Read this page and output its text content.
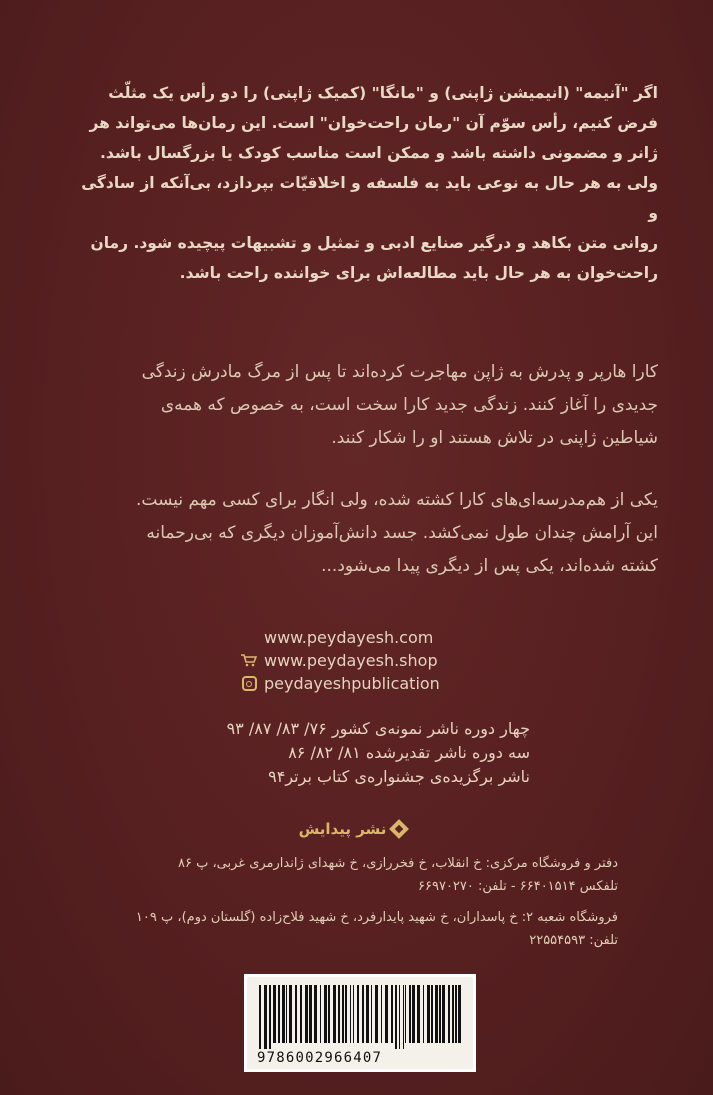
اگر "آنیمه" (انیمیشن ژاپنی) و "مانگا" (کمیک ژاپنی) را دو رأس یک مثلّث
فرض کنیم، رأس سوّم آن "رمان راحت‌خوان" است. این رمان‌ها می‌تواند هر
ژانر و مضمونی داشته باشد و ممکن است مناسب کودک یا بزرگسال باشد.
ولی به هر حال به نوعی باید به فلسفه و اخلاقیّات بپردازد، بی‌آنکه از سادگی و
روانی متن بکاهد و درگیر صنایع ادبی و تمثیل و تشبیهات پیچیده شود. رمان
راحت‌خوان به هر حال باید مطالعه‌اش برای خواننده راحت باشد.
کارا هارپر و پدرش به ژاپن مهاجرت کرده‌اند تا پس از مرگ مادرش زندگی
جدیدی را آغاز کنند. زندگی جدید کارا سخت است، به خصوص که همه‌ی
شیاطین ژاپنی در تلاش هستند او را شکار کنند.
یکی از هم‌مدرسه‌ای‌های کارا کشته شده، ولی انگار برای کسی مهم نیست.
این آرامش چندان طول نمی‌کشد. جسد دانش‌آموزان دیگری که بی‌رحمانه
کشته شده‌اند، یکی پس از دیگری پیدا می‌شود...
www.peydayesh.com
www.peydayesh.shop
peydayeshpublication
چهار دوره ناشر نمونه‌ی کشور ۷۶/ ۸۳/ ۸۷/ ۹۳
سه دوره ناشر تقدیرشده ۸۱/ ۸۲/ ۸۶
ناشر برگزیده‌ی جشنواره‌ی کتاب برتر۹۴
نشر پیدایش
دفتر و فروشگاه مرکزی: خ انقلاب، خ فخررازی، خ شهدای ژاندارمری غربی، پ ۸۶
تلفکس ۶۶۴۰۱۵۱۴ - تلفن: ۶۶۹۷۰۲۷۰
فروشگاه شعبه ۲: خ پاسداران، خ شهید پایدارفرد، خ شهید فلاح‌زاده (گلستان دوم)، پ ۱۰۹
تلفن: ۲۲۵۵۴۵۹۳
9786002966407
